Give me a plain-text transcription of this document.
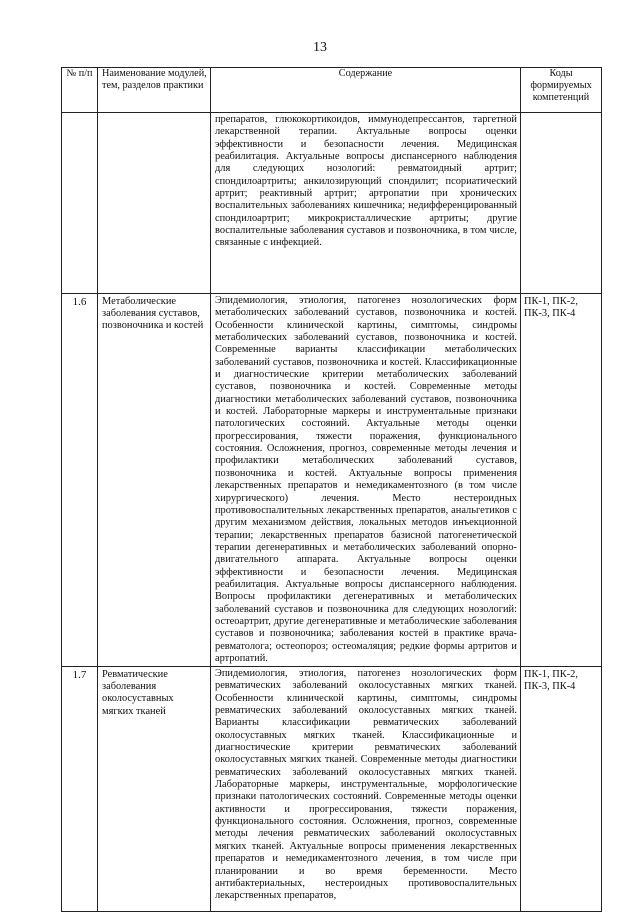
13
№ п/п	Наименование модулей, тем, разделов практики	Содержание	Коды формируемых компетенций
		препаратов, глюкокортикоидов, иммунодепрессантов, таргетной лекарственной терапии. Актуальные вопросы оценки эффективности и безопасности лечения. Медицинская реабилитация. Актуальные вопросы диспансерного наблюдения для следующих нозологий: ревматоидный артрит; спондилоартриты; анкилозирующий спондилит; псориатический артрит; реактивный артрит; артропатии при хронических воспалительных заболеваниях кишечника; недифференцированный спондилоартрит; микрокристаллические артриты; другие воспалительные заболевания суставов и позвоночника, в том числе, связанные с инфекцией.	
1.6	Метаболические заболевания суставов, позвоночника и костей	Эпидемиология, этиология, патогенез нозологических форм метаболических заболеваний суставов, позвоночника и костей. Особенности клинической картины, симптомы, синдромы метаболических заболеваний суставов, позвоночника и костей. Современные варианты классификации метаболических заболеваний суставов, позвоночника и костей. Классификационные и диагностические критерии метаболических заболеваний суставов, позвоночника и костей. Современные методы диагностики метаболических заболеваний суставов, позвоночника и костей. Лабораторные маркеры и инструментальные признаки патологических состояний. Актуальные методы оценки прогрессирования, тяжести поражения, функционального состояния. Осложнения, прогноз, современные методы лечения и профилактики метаболических заболеваний суставов, позвоночника и костей. Актуальные вопросы применения лекарственных препаратов и немедикаментозного (в том числе хирургического) лечения. Место нестероидных противовоспалительных лекарственных препаратов, анальгетиков с другим механизмом действия, локальных методов инъекционной терапии; лекарственных препаратов базисной патогенетической терапии дегенеративных и метаболических заболеваний опорно-двигательного аппарата. Актуальные вопросы оценки эффективности и безопасности лечения. Медицинская реабилитация. Актуальные вопросы диспансерного наблюдения. Вопросы профилактики дегенеративных и метаболических заболеваний суставов и позвоночника для следующих нозологий: остеоартрит, другие дегенеративные и метаболические заболевания суставов и позвоночника; заболевания костей в практике врача-ревматолога; остеопороз; остеомаляция; редкие формы артритов и артропатий.	ПК-1, ПК-2, ПК-3, ПК-4
1.7	Ревматические заболевания околосуставных мягких тканей	Эпидемиология, этиология, патогенез нозологических форм ревматических заболеваний околосуставных мягких тканей. Особенности клинической картины, симптомы, синдромы ревматических заболеваний околосуставных мягких тканей. Варианты классификации ревматических заболеваний околосуставных мягких тканей. Классификационные и диагностические критерии ревматических заболеваний околосуставных мягких тканей. Современные методы диагностики ревматических заболеваний околосуставных мягких тканей. Лабораторные маркеры, инструментальные, морфологические признаки патологических состояний. Современные методы оценки активности и прогрессирования, тяжести поражения, функционального состояния. Осложнения, прогноз, современные методы лечения ревматических заболеваний околосуставных мягких тканей. Актуальные вопросы применения лекарственных препаратов и немедикаментозного лечения, в том числе при планировании и во время беременности. Место антибактериальных, нестероидных противовоспалительных лекарственных препаратов,	ПК-1, ПК-2, ПК-3, ПК-4
